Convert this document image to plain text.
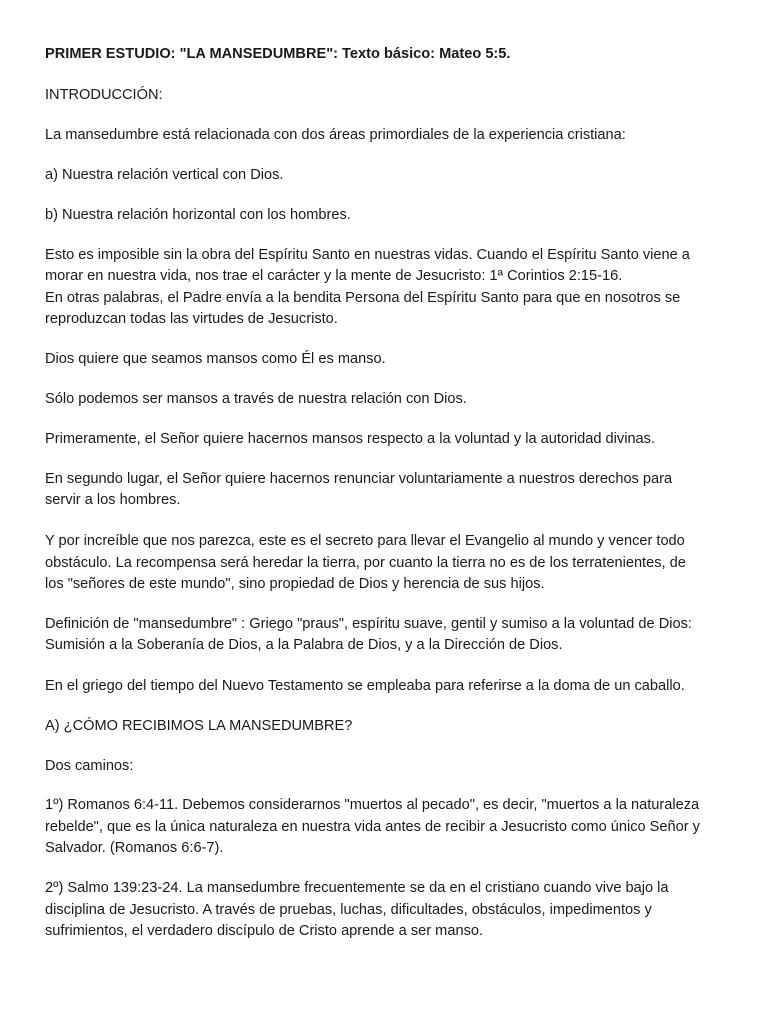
PRIMER ESTUDIO: "LA MANSEDUMBRE": Texto básico: Mateo 5:5.
INTRODUCCIÓN:
La mansedumbre está relacionada con dos áreas primordiales de la experiencia cristiana:
a) Nuestra relación vertical con Dios.
b) Nuestra relación horizontal con los hombres.
Esto es imposible sin la obra del Espíritu Santo en nuestras vidas. Cuando el Espíritu Santo viene a
morar en nuestra vida, nos trae el carácter y la mente de Jesucristo: 1ª Corintios 2:15-16.
En otras palabras, el Padre envía a la bendita Persona del Espíritu Santo para que en nosotros se
reproduzcan todas las virtudes de Jesucristo.
Dios quiere que seamos mansos como Él es manso.
Sólo podemos ser mansos a través de nuestra relación con Dios.
Primeramente, el Señor quiere hacernos mansos respecto a la voluntad y la autoridad divinas.
En segundo lugar, el Señor quiere hacernos renunciar voluntariamente a nuestros derechos para
servir a los hombres.
Y por increíble que nos parezca, este es el secreto para llevar el Evangelio al mundo y vencer todo
obstáculo. La recompensa será heredar la tierra, por cuanto la tierra no es de los terratenientes, de
los "señores de este mundo", sino propiedad de Dios y herencia de sus hijos.
Definición de "mansedumbre" : Griego "praus", espíritu suave, gentil y sumiso a la voluntad de Dios:
Sumisión a la Soberanía de Dios, a la Palabra de Dios, y a la Dirección de Dios.
En el griego del tiempo del Nuevo Testamento se empleaba para referirse a la doma de un caballo.
A) ¿CÓMO RECIBIMOS LA MANSEDUMBRE?
Dos caminos:
1º) Romanos 6:4-11. Debemos considerarnos "muertos al pecado", es decir, "muertos a la naturaleza
rebelde", que es la única naturaleza en nuestra vida antes de recibir a Jesucristo como único Señor y
Salvador. (Romanos 6:6-7).
2º) Salmo 139:23-24. La mansedumbre frecuentemente se da en el cristiano cuando vive bajo la
disciplina de Jesucristo. A través de pruebas, luchas, dificultades, obstáculos, impedimentos y
sufrimientos, el verdadero discípulo de Cristo aprende a ser manso.
